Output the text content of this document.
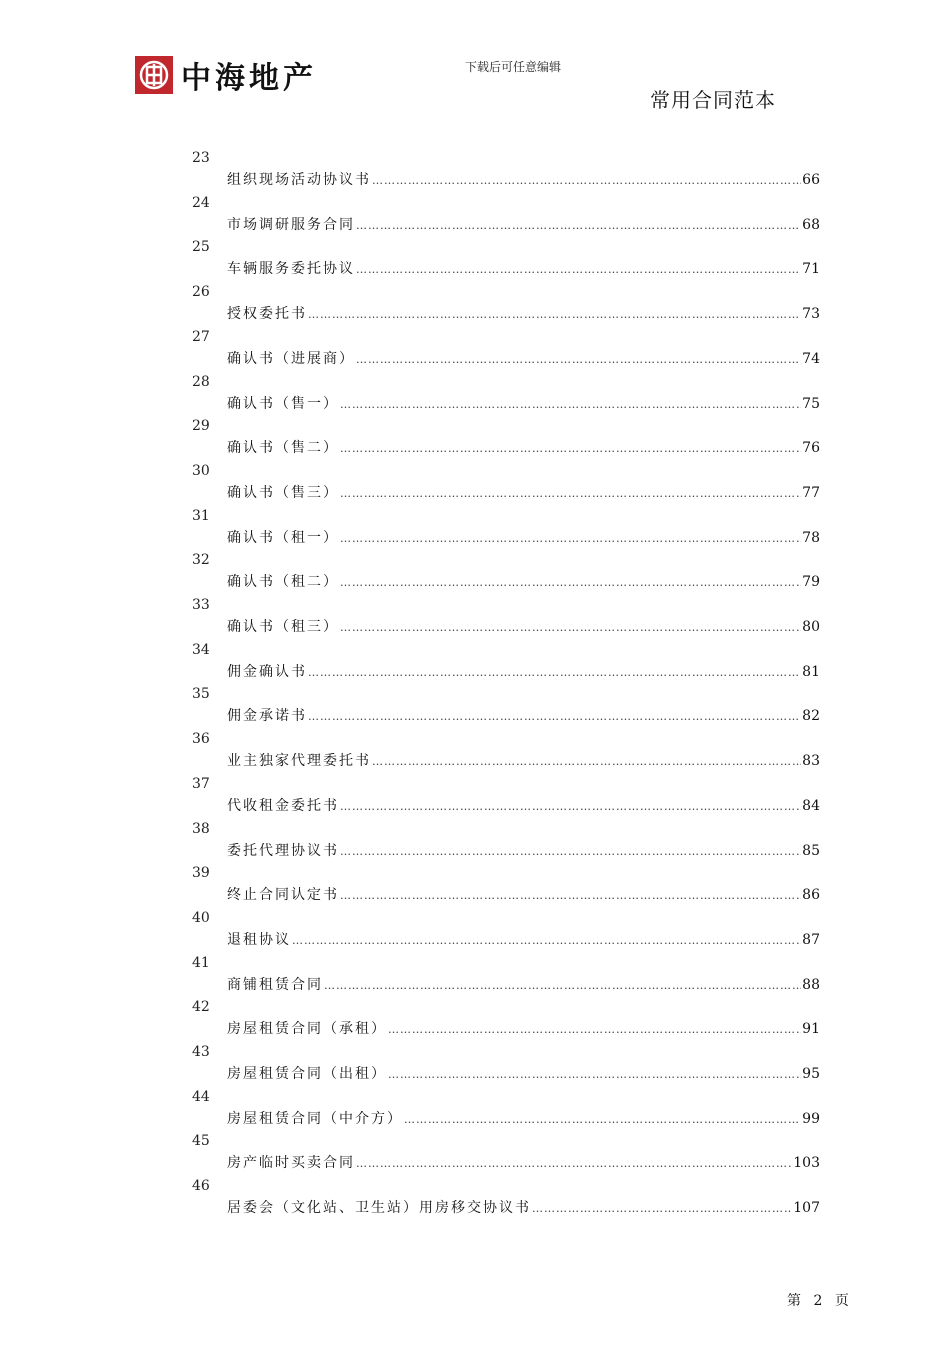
中海地产	下载后可任意编辑
常用合同范本
23
组织现场活动协议书 ……………………………………………………………………………………………………………………………………………………………………………………	66
24
市场调研服务合同 ……………………………………………………………………………………………………………………………………………………………………………………	68
25
车辆服务委托协议 ……………………………………………………………………………………………………………………………………………………………………………………	71
26
授权委托书 ……………………………………………………………………………………………………………………………………………………………………………………	73
27
确认书（进展商） ……………………………………………………………………………………………………………………………………………………………………………………	74
28
确认书（售一） ……………………………………………………………………………………………………………………………………………………………………………………	75
29
确认书（售二） ……………………………………………………………………………………………………………………………………………………………………………………	76
30
确认书（售三） ……………………………………………………………………………………………………………………………………………………………………………………	77
31
确认书（租一） ……………………………………………………………………………………………………………………………………………………………………………………	78
32
确认书（租二） ……………………………………………………………………………………………………………………………………………………………………………………	79
33
确认书（租三） ……………………………………………………………………………………………………………………………………………………………………………………	80
34
佣金确认书 ……………………………………………………………………………………………………………………………………………………………………………………	81
35
佣金承诺书 ……………………………………………………………………………………………………………………………………………………………………………………	82
36
业主独家代理委托书 ……………………………………………………………………………………………………………………………………………………………………………………	83
37
代收租金委托书 ……………………………………………………………………………………………………………………………………………………………………………………	84
38
委托代理协议书 ……………………………………………………………………………………………………………………………………………………………………………………	85
39
终止合同认定书 ……………………………………………………………………………………………………………………………………………………………………………………	86
40
退租协议 ……………………………………………………………………………………………………………………………………………………………………………………	87
41
商铺租赁合同 ……………………………………………………………………………………………………………………………………………………………………………………	88
42
房屋租赁合同（承租） ……………………………………………………………………………………………………………………………………………………………………………………	91
43
房屋租赁合同（出租） ……………………………………………………………………………………………………………………………………………………………………………………	95
44
房屋租赁合同（中介方） ……………………………………………………………………………………………………………………………………………………………………………………	99
45
房产临时买卖合同 ……………………………………………………………………………………………………………………………………………………………………………………	103
46
居委会（文化站、卫生站）用房移交协议书 ……………………………………………………………………………………………………………………………………………………………………………………	107
第 2 页
